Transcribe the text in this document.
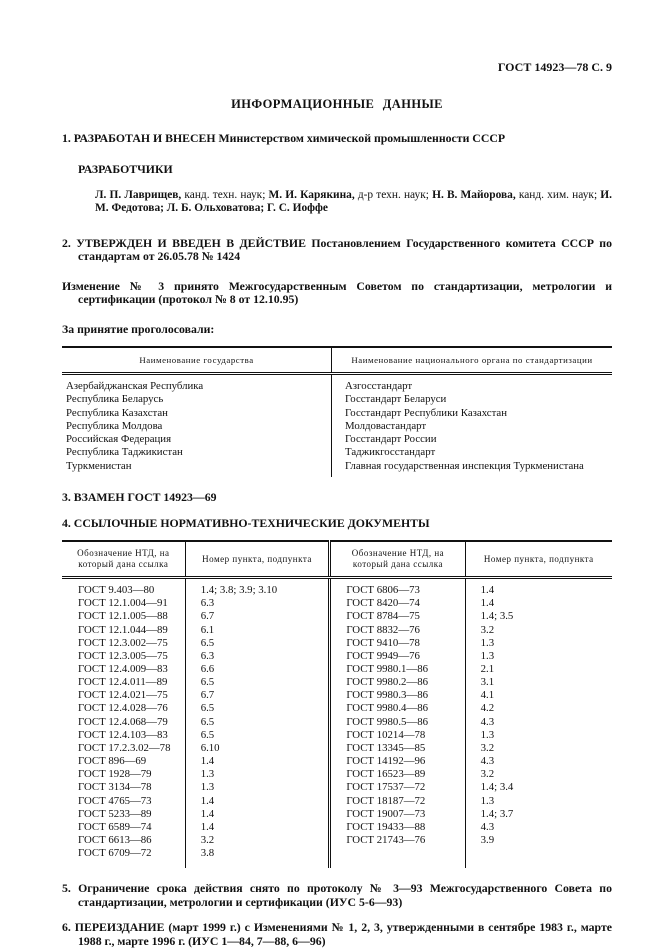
ГОСТ 14923—78 С. 9
ИНФОРМАЦИОННЫЕ ДАННЫЕ

1. РАЗРАБОТАН И ВНЕСЕН Министерством химической промышленности СССР

РАЗРАБОТЧИКИ

Л. П. Лаврищев, канд. техн. наук; М. И. Карякина, д-р техн. наук; Н. В. Майорова, канд. хим. наук; И. М. Федотова; Л. Б. Ольховатова; Г. С. Иоффе

2. УТВЕРЖДЕН И ВВЕДЕН В ДЕЙСТВИЕ Постановлением Государственного комитета СССР по стандартам от 26.05.78 № 1424

Изменение № 3 принято Межгосударственным Советом по стандартизации, метрологии и сертификации (протокол № 8 от 12.10.95)

За принятие проголосовали:

Наименование государства	Наименование национального органа по стандартизации
Азербайджанская Республика	Азгосстандарт
Республика Беларусь	Госстандарт Беларуси
Республика Казахстан	Госстандарт Республики Казахстан
Республика Молдова	Молдовастандарт
Российская Федерация	Госстандарт России
Республика Таджикистан	Таджикгосстандарт
Туркменистан	Главная государственная инспекция Туркменистана

3. ВЗАМЕН ГОСТ 14923—69

4. ССЫЛОЧНЫЕ НОРМАТИВНО-ТЕХНИЧЕСКИЕ ДОКУМЕНТЫ

Обозначение НТД, на который дана ссылка	Номер пункта, подпункта	Обозначение НТД, на который дана ссылка	Номер пункта, подпункта
ГОСТ 9.403—80	1.4; 3.8; 3.9; 3.10	ГОСТ 6806—73	1.4
ГОСТ 12.1.004—91	6.3	ГОСТ 8420—74	1.4
ГОСТ 12.1.005—88	6.7	ГОСТ 8784—75	1.4; 3.5
ГОСТ 12.1.044—89	6.1	ГОСТ 8832—76	3.2
ГОСТ 12.3.002—75	6.5	ГОСТ 9410—78	1.3
ГОСТ 12.3.005—75	6.3	ГОСТ 9949—76	1.3
ГОСТ 12.4.009—83	6.6	ГОСТ 9980.1—86	2.1
ГОСТ 12.4.011—89	6.5	ГОСТ 9980.2—86	3.1
ГОСТ 12.4.021—75	6.7	ГОСТ 9980.3—86	4.1
ГОСТ 12.4.028—76	6.5	ГОСТ 9980.4—86	4.2
ГОСТ 12.4.068—79	6.5	ГОСТ 9980.5—86	4.3
ГОСТ 12.4.103—83	6.5	ГОСТ 10214—78	1.3
ГОСТ 17.2.3.02—78	6.10	ГОСТ 13345—85	3.2
ГОСТ 896—69	1.4	ГОСТ 14192—96	4.3
ГОСТ 1928—79	1.3	ГОСТ 16523—89	3.2
ГОСТ 3134—78	1.3	ГОСТ 17537—72	1.4; 3.4
ГОСТ 4765—73	1.4	ГОСТ 18187—72	1.3
ГОСТ 5233—89	1.4	ГОСТ 19007—73	1.4; 3.7
ГОСТ 6589—74	1.4	ГОСТ 19433—88	4.3
ГОСТ 6613—86	3.2	ГОСТ 21743—76	3.9
ГОСТ 6709—72	3.8		

5. Ограничение срока действия снято по протоколу № 3—93 Межгосударственного Совета по стандартизации, метрологии и сертификации (ИУС 5-6—93)

6. ПЕРЕИЗДАНИЕ (март 1999 г.) с Изменениями № 1, 2, 3, утвержденными в сентябре 1983 г., марте 1988 г., марте 1996 г. (ИУС 1—84, 7—88, 6—96)
